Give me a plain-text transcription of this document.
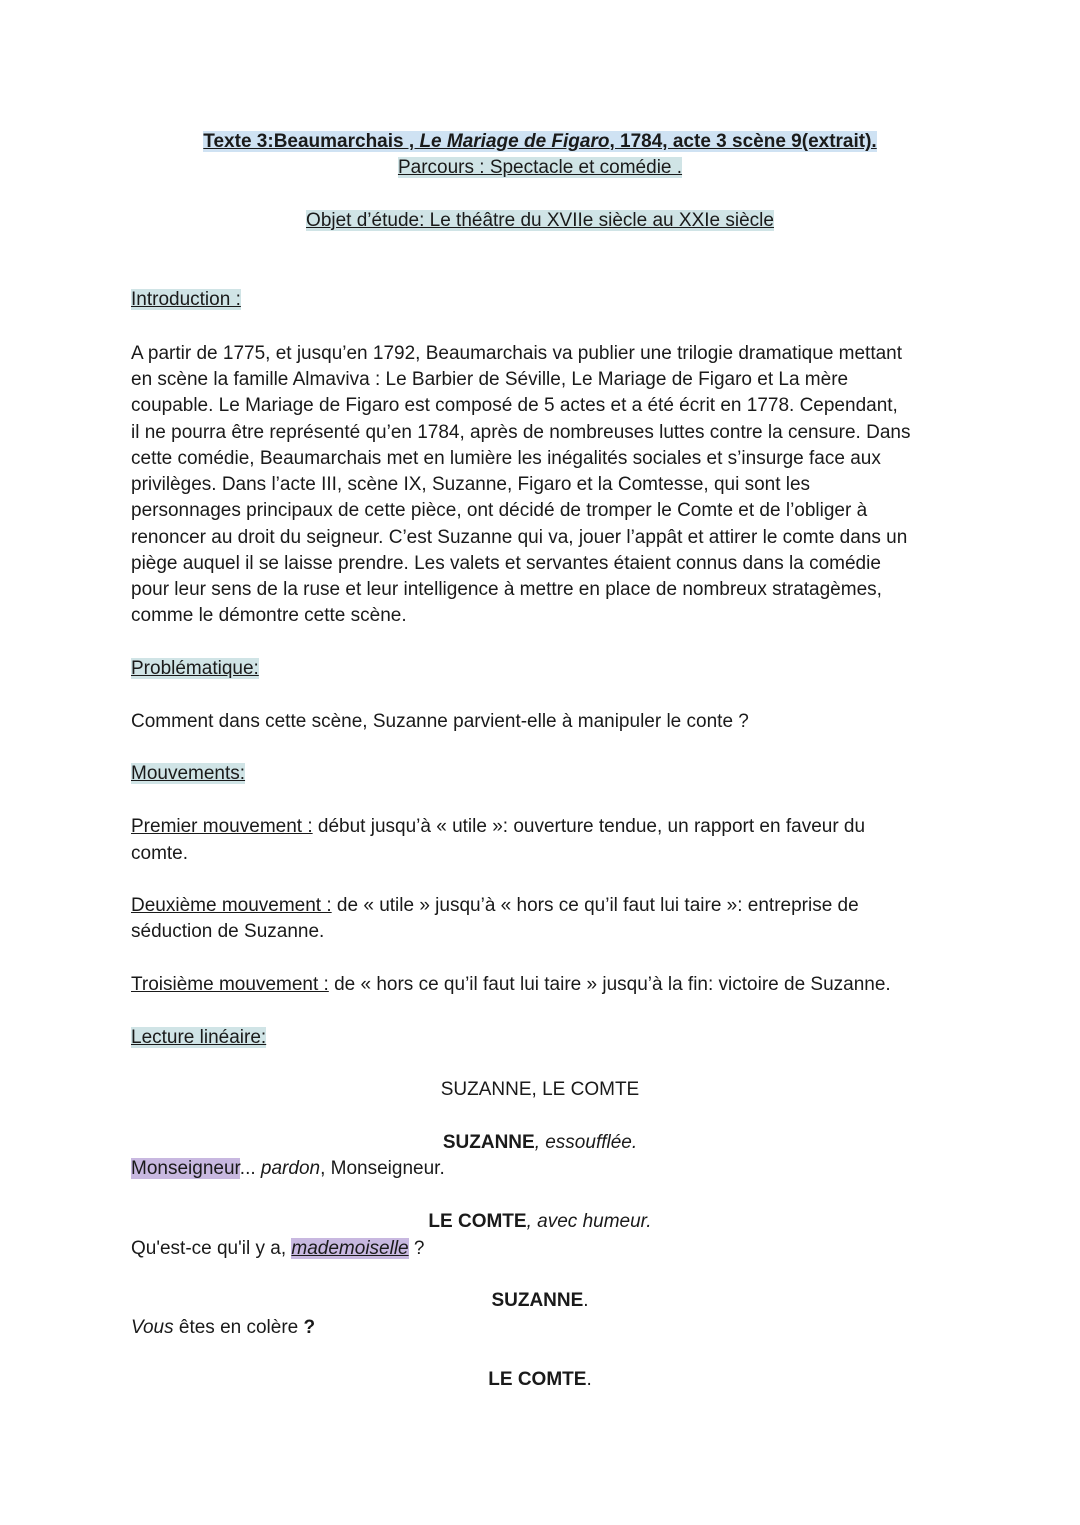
Texte 3:Beaumarchais , Le Mariage de Figaro, 1784, acte 3 scène 9(extrait).
Parcours : Spectacle et comédie .
Objet d’étude: Le théâtre du XVIIe siècle au XXIe siècle
Introduction :
A partir de 1775, et jusqu’en 1792, Beaumarchais va publier une trilogie dramatique mettant
en scène la famille Almaviva : Le Barbier de Séville, Le Mariage de Figaro et La mère
coupable. Le Mariage de Figaro est composé de 5 actes et a été écrit en 1778. Cependant,
il ne pourra être représenté qu’en 1784, après de nombreuses luttes contre la censure. Dans
cette comédie, Beaumarchais met en lumière les inégalités sociales et s’insurge face aux
privilèges. Dans l’acte III, scène IX, Suzanne, Figaro et la Comtesse, qui sont les
personnages principaux de cette pièce, ont décidé de tromper le Comte et de l’obliger à
renoncer au droit du seigneur. C’est Suzanne qui va, jouer l’appât et attirer le comte dans un
piège auquel il se laisse prendre. Les valets et servantes étaient connus dans la comédie
pour leur sens de la ruse et leur intelligence à mettre en place de nombreux stratagèmes,
comme le démontre cette scène.
Problématique:
Comment dans cette scène, Suzanne parvient-elle à manipuler le conte ?
Mouvements:
Premier mouvement : début jusqu’à « utile »: ouverture tendue, un rapport en faveur du
comte.
Deuxième mouvement : de « utile » jusqu’à « hors ce qu’il faut lui taire »: entreprise de
séduction de Suzanne.
Troisième mouvement : de « hors ce qu’il faut lui taire » jusqu’à la fin: victoire de Suzanne.
Lecture linéaire:
SUZANNE, LE COMTE
SUZANNE, essoufflée.
Monseigneur... pardon, Monseigneur.
LE COMTE, avec humeur.
Qu'est-ce qu'il y a, mademoiselle ?
SUZANNE.
Vous êtes en colère ?
LE COMTE.
